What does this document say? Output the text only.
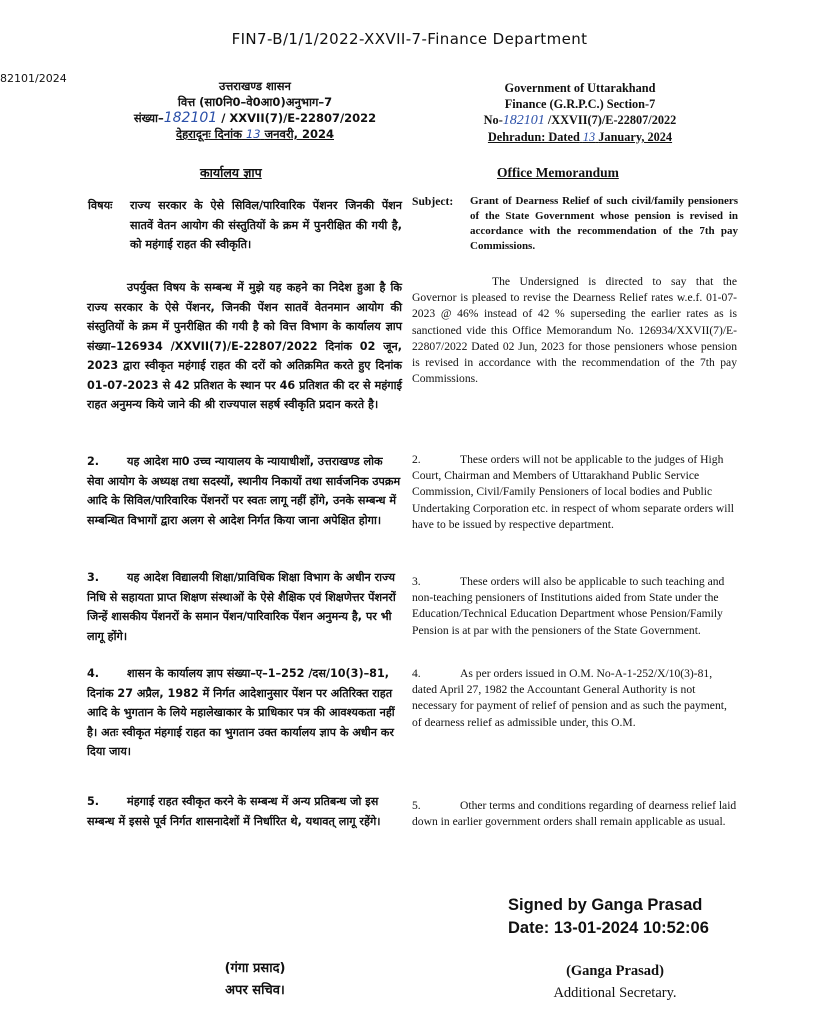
FIN7-B/1/1/2022-XXVII-7-Finance Department
82101/2024
उत्तराखण्ड शासन
वित्त (सा0नि0–वे0आ0)अनुभाग–7
संख्या–182101 / XXVII(7)/E-22807/2022
देहरादूनः दिनांक 13 जनवरी, 2024
Government of Uttarakhand
Finance (G.R.P.C.) Section-7
No-182101 /XXVII(7)/E-22807/2022
Dehradun: Dated 13 January, 2024
कार्यालय ज्ञाप	Office Memorandum
विषयः राज्य सरकार के ऐसे सिविल/पारिवारिक पेंशनर जिनकी पेंशन सातवें वेतन आयोग की संस्तुतियों के क्रम में पुनरीक्षित की गयी है, को महंगाई राहत की स्वीकृति।
Subject: Grant of Dearness Relief of such civil/family pensioners of the State Government whose pension is revised in accordance with the recommendation of the 7th pay Commissions.
उपर्युक्त विषय के सम्बन्ध में मुझे यह कहने का निदेश हुआ है कि राज्य सरकार के ऐसे पेंशनर, जिनकी पेंशन सातवें वेतनमान आयोग की संस्तुतियों के क्रम में पुनरीक्षित की गयी है को वित्त विभाग के कार्यालय ज्ञाप संख्या–126934 /XXVII(7)/E-22807/2022 दिनांक 02 जून, 2023 द्वारा स्वीकृत महंगाई राहत की दरों को अतिक्रमित करते हुए दिनांक 01-07-2023 से 42 प्रतिशत के स्थान पर 46 प्रतिशत की दर से महंगाई राहत अनुमन्य किये जाने की श्री राज्यपाल सहर्ष स्वीकृति प्रदान करते है।
The Undersigned is directed to say that the Governor is pleased to revise the Dearness Relief rates w.e.f. 01-07-2023 @ 46% instead of 42 % superseding the earlier rates as is sanctioned vide this Office Memorandum No. 126934/XXVII(7)/E-22807/2022 Dated 02 Jun, 2023 for those pensioners whose pension is revised in accordance with the recommendation of the 7th pay Commissions.
2. यह आदेश मा0 उच्च न्यायालय के न्यायाधीशों, उत्तराखण्ड लोक सेवा आयोग के अध्यक्ष तथा सदस्यों, स्थानीय निकायों तथा सार्वजनिक उपक्रम आदि के सिविल/पारिवारिक पेंशनरों पर स्वतः लागू नहीं होंगे, उनके सम्बन्ध में सम्बन्धित विभागों द्वारा अलग से आदेश निर्गत किया जाना अपेक्षित होगा।
2.	These orders will not be applicable to the judges of High Court, Chairman and Members of Uttarakhand Public Service Commission, Civil/Family Pensioners of local bodies and Public Undertaking Corporation etc. in respect of whom separate orders will have to be issued by respective department.
3. यह आदेश विद्यालयी शिक्षा/प्राविधिक शिक्षा विभाग के अधीन राज्य निधि से सहायता प्राप्त शिक्षण संस्थाओं के ऐसे शैक्षिक एवं शिक्षणेत्तर पेंशनरों जिन्हें शासकीय पेंशनरों के समान पेंशन/पारिवारिक पेंशन अनुमन्य है, पर भी लागू होंगे।
3.	These orders will also be applicable to such teaching and non-teaching pensioners of Institutions aided from State under the Education/Technical Education Department whose Pension/Family Pension is at par with the pensioners of the State Government.
4. शासन के कार्यालय ज्ञाप संख्या–ए–1–252 /दस/10(3)–81, दिनांक 27 अप्रैल, 1982 में निर्गत आदेशानुसार पेंशन पर अतिरिक्त राहत आदि के भुगतान के लिये महालेखाकार के प्राधिकार पत्र की आवश्यकता नहीं है। अतः स्वीकृत मंहगाई राहत का भुगतान उक्त कार्यालय ज्ञाप के अधीन कर दिया जाय।
4.	As per orders issued in O.M. No-A-1-252/X/10(3)-81, dated April 27, 1982 the Accountant General Authority is not necessary for payment of relief of pension and as such the payment, of dearness relief as admissible under, this O.M.
5. मंहगाई राहत स्वीकृत करने के सम्बन्ध में अन्य प्रतिबन्ध जो इस सम्बन्ध में इससे पूर्व निर्गत शासनादेशों में निर्धारित थे, यथावत् लागू रहेंगे।
5.	Other terms and conditions regarding of dearness relief laid down in earlier government orders shall remain applicable as usual.
Signed by Ganga Prasad
Date: 13-01-2024 10:52:06
(गंगा प्रसाद)
अपर सचिव।
(Ganga Prasad)
Additional Secretary.
